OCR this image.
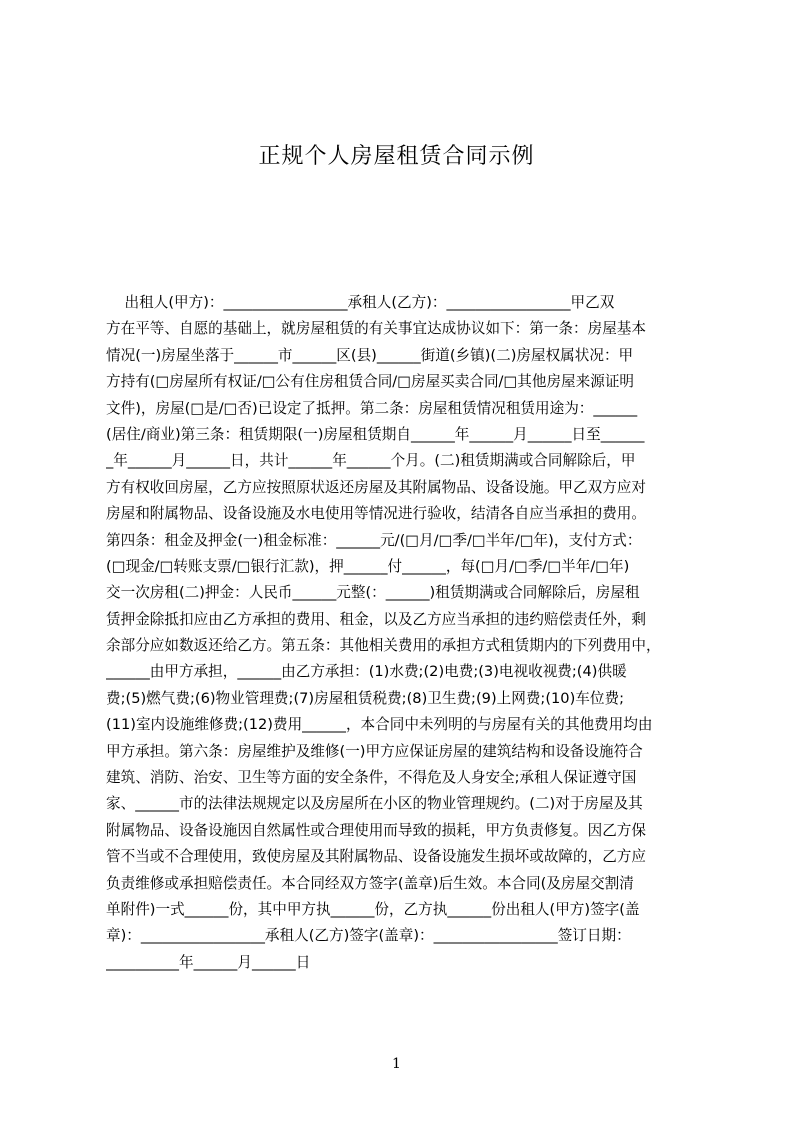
正规个人房屋租赁合同示例
出租人(甲方)：_________________承租人(乙方)：_________________甲乙双
方在平等、自愿的基础上，就房屋租赁的有关事宜达成协议如下：第一条：房屋基本
情况(一)房屋坐落于______市______区(县)______街道(乡镇)(二)房屋权属状况：甲
方持有(□房屋所有权证/□公有住房租赁合同/□房屋买卖合同/□其他房屋来源证明
文件)，房屋(□是/□否)已设定了抵押。第二条：房屋租赁情况租赁用途为：______
(居住/商业)第三条：租赁期限(一)房屋租赁期自______年______月______日至______
_年______月______日，共计______年______个月。(二)租赁期满或合同解除后，甲
方有权收回房屋，乙方应按照原状返还房屋及其附属物品、设备设施。甲乙双方应对
房屋和附属物品、设备设施及水电使用等情况进行验收，结清各自应当承担的费用。
第四条：租金及押金(一)租金标准：______元/(□月/□季/□半年/□年)，支付方式：
(□现金/□转账支票/□银行汇款)，押______付______，每(□月/□季/□半年/□年)
交一次房租(二)押金：人民币______元整(：______)租赁期满或合同解除后，房屋租
赁押金除抵扣应由乙方承担的费用、租金，以及乙方应当承担的违约赔偿责任外，剩
余部分应如数返还给乙方。第五条：其他相关费用的承担方式租赁期内的下列费用中，
______由甲方承担，______由乙方承担：(1)水费;(2)电费;(3)电视收视费;(4)供暖
费;(5)燃气费;(6)物业管理费;(7)房屋租赁税费;(8)卫生费;(9)上网费;(10)车位费;
(11)室内设施维修费;(12)费用______，本合同中未列明的与房屋有关的其他费用均由
甲方承担。第六条：房屋维护及维修(一)甲方应保证房屋的建筑结构和设备设施符合
建筑、消防、治安、卫生等方面的安全条件，不得危及人身安全;承租人保证遵守国
家、______市的法律法规规定以及房屋所在小区的物业管理规约。(二)对于房屋及其
附属物品、设备设施因自然属性或合理使用而导致的损耗，甲方负责修复。因乙方保
管不当或不合理使用，致使房屋及其附属物品、设备设施发生损坏或故障的，乙方应
负责维修或承担赔偿责任。本合同经双方签字(盖章)后生效。本合同(及房屋交割清
单附件)一式______份，其中甲方执______份，乙方执______份出租人(甲方)签字(盖
章)：_________________承租人(乙方)签字(盖章)：_________________签订日期：
__________年______月______日
1
